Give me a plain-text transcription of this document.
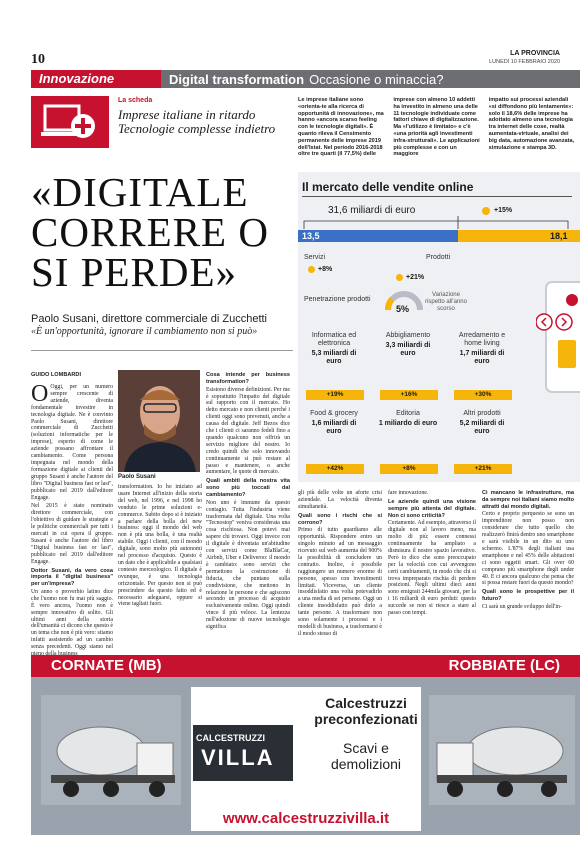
10	LA PROVINCIA
LUNEDÌ 10 FEBBRAIO 2020
Innovazione	Digital transformation Occasione o minaccia?
La scheda
Imprese italiane in ritardo Tecnologie complesse indietro

Le imprese italiane sono «orienta-te alla ricerca di opportunità di innovazione», ma hanno «ancora scarso feeling con le tecnologie digitali». È quanto rileva il Censimento permanente delle imprese 2019 dell'Istat. Nel periodo 2016-2018 oltre tre quarti (il 77,5%) delle

imprese con almeno 10 addetti ha investito in almeno una delle 11 tecnologie individuate come fattori chiave di digitalizzazione. Ma «l'utilizzo è limitato» e c'è «una priorità agli investimenti infra-strutturali». Le applicazioni più complesse e con un maggiore

impatto sui processi aziendali «si diffondono più lentamente»: solo il 18,6% delle imprese ha adottato almeno una tecnologia tra internet delle cose, realtà aumentata-virtuale, analisi dei big data, automazione avanzata, simulazione e stampa 3D.

«DIGITALE CORRERE O SI PERDE»
Paolo Susani, direttore commerciale di Zucchetti
«È un'opportunità, ignorare il cambiamento non si può»
Il mercato delle vendite online
31,6 miliardi di euro	+15%
13,5	18,1
Servizi
+8%
Prodotti
+21%
Penetrazione prodotti
5%
Variazione rispetto all'anno scorso
Informatica ed elettronica
5,3 miliardi di euro
+19%
Abbigliamento
3,3 miliardi di euro
+16%
Arredamento e home living
1,7 miliardi di euro
+30%
Food & grocery
1,6 miliardi di euro
+42%
Editoria
1 miliardo di euro
+8%
Altri prodotti
5,2 miliardi di euro
+21%
GUIDO LOMBARDI

O Oggi, per un numero sempre crescente di aziende, diventa fondamentale investire in tecnologia digitale. Ne è convinto Paolo Susani, direttore commerciale di Zucchetti (soluzioni informatiche per le imprese), esperto di come le aziende possano affrontare il cambiamento. Come persona impegnata nel mondo della formazione digitale ai clienti del gruppo Susani è anche l'autore del libro "Digital business fast or last", pubblicato nel 2019 dall'editore Engage.

Nel 2015 è stato nominato direttore commerciale, con l'obiettivo di guidare le strategie e le politiche commerciali per tutti i mercati in cui opera il gruppo. Susani è anche l'autore del libro "Digital business fast or last", pubblicato nel 2019 dall'editore Engage.

Dottor Susani, da vero cosa importa il "digital business" per un'impresa?

Un anno o proverbio latino dice che l'uomo non fu mai più saggio. È vero ancora, l'uomo non è sempre innovativo di solito. Gli ultimi anni della storia dell'umanità ci dicono che questo è un tema che non è più vero: stiamo infatti assistendo ad un cambio senza precedenti. Oggi siamo nel

Paolo Susani

transformation. Io ho iniziato ad usare Internet all'inizio della storia del web, nel 1996, e nel 1998 ho venduto le prime soluzioni e-commerce. Subito dopo si è iniziato a parlare della bolla del new business: oggi il mondo del web non è più una bolla, è una realtà stabile. Oggi i clienti, con il mondo digitale, sono molto più autonomi nel processo d'acquisto. Questo è un dato che è applicabile a qualsiasi contesto merceologico. Il digitale è ovunque, è una tecnologia orizzontale. Per questo non si può prescindere da questo fatto ed è necessario adeguarsi, oppure si viene tagliati fuori.

Cosa intende per business transformation?

Esistono diverse definizioni. Per me è soprattutto l'impatto del digitale sul rapporto con il mercato. Ho detto mercato e non clienti perché i clienti oggi sono prevenuti, anche a causa del digitale. Jeff Bezos dice che i clienti ci saranno fedeli fino a quando qualcuno non offrirà un servizio migliore del nostro. Io credo quindi che solo innovando continuamente si può restare al passo e mantenere, o anche aumentare, le quote di mercato.

Quali ambiti della nostra vita sono più toccati dal cambiamento?

Non uno è immune da questo contagio. Tutta l'industria viene trasformata dal digitale. Una volta "Tecnostop" veniva considerata una cosa rischiosa. Non potevi mai sapere chi trovavi. Oggi invece con il digitale è diventata un'abitudine con servizi come BlaBlaCar, Airbnb, Uber e Deliveroo: il mondo è cambiato: sono servizi che permettono la costruzione di fiducia, che puntano sulla condivisione, che mettono in relazione le persone e che agiscono secondo un processo di acquisto esclusivamente online. Oggi quindi vince il più veloce. La lentezza nell'adozione di nuove tecnologie significa

gli più delle volte un aforte crisi aziendale. La velocità diventa simultaneità.

Quali sono i rischi che si corrono?

Primo di tutto guardiamo alle opportunità. Rispondere entro un singolo minuto ad un messaggio ricevuto sul web aumenta del 900% la possibilità di concludere un contratto. Inoltre, è possibile raggiungere un numero enorme di persone, spesso con investimenti limitati. Viceversa, un cliente insoddisfatto una volta potevadirlo a una media di sei persone. Oggi un cliente insoddisfatto può dirlo a tante persone. A trasformare non sono solamente i processi e i modelli di business, a trasformarsi è il modo stesso di

fare innovazione.

Le aziende quindi una visione sempre più attenta del digitale. Non ci sono criticità?

Certamente. Ad esempio, attraverso il digitale non al lavoro meno, ma molto di più: essere connessi continuamente ha ampliato a dismisura il nostro spazio lavorativo. Però io dico che sono preoccupato per la velocità con cui avvengono certi cambiamenti, in modo che chi si trova impreparato rischia di perdere posizioni. Negli ultimi dieci anni sono emigrati 244mila giovani, per la i 16 miliardi di euro perduti: questo succede se non si riesce a stare al passo con tempi.

Ci mancano le infrastrutture, ma da sempre noi italiani siamo molto attratti dai mondo digitali.

Certo e proprio perquesto se sono un imprenditore non posso non considerare che tutto quello che realizzerò finirà dentro uno smartphone e sarà visibile in un dito su uno schermo. L'87% degli italiani usa smartphone e nel 45% delle abitazioni ci sono oggetti smart. Gli over 60 comprano più smartphone degli under 40. E ci ancora qualcuno che pensa che si possa restare fuori da questo mondo?

Quali sono le prospettive per il futuro?

Ci sarà un grande sviluppo dell'in-

CORNATE (MB)	ROBBIATE (LC)
CALCESTRUZZI
VILLA
Calcestruzzi preconfezionati
Scavi e demolizioni
www.calcestruzzivilla.it
